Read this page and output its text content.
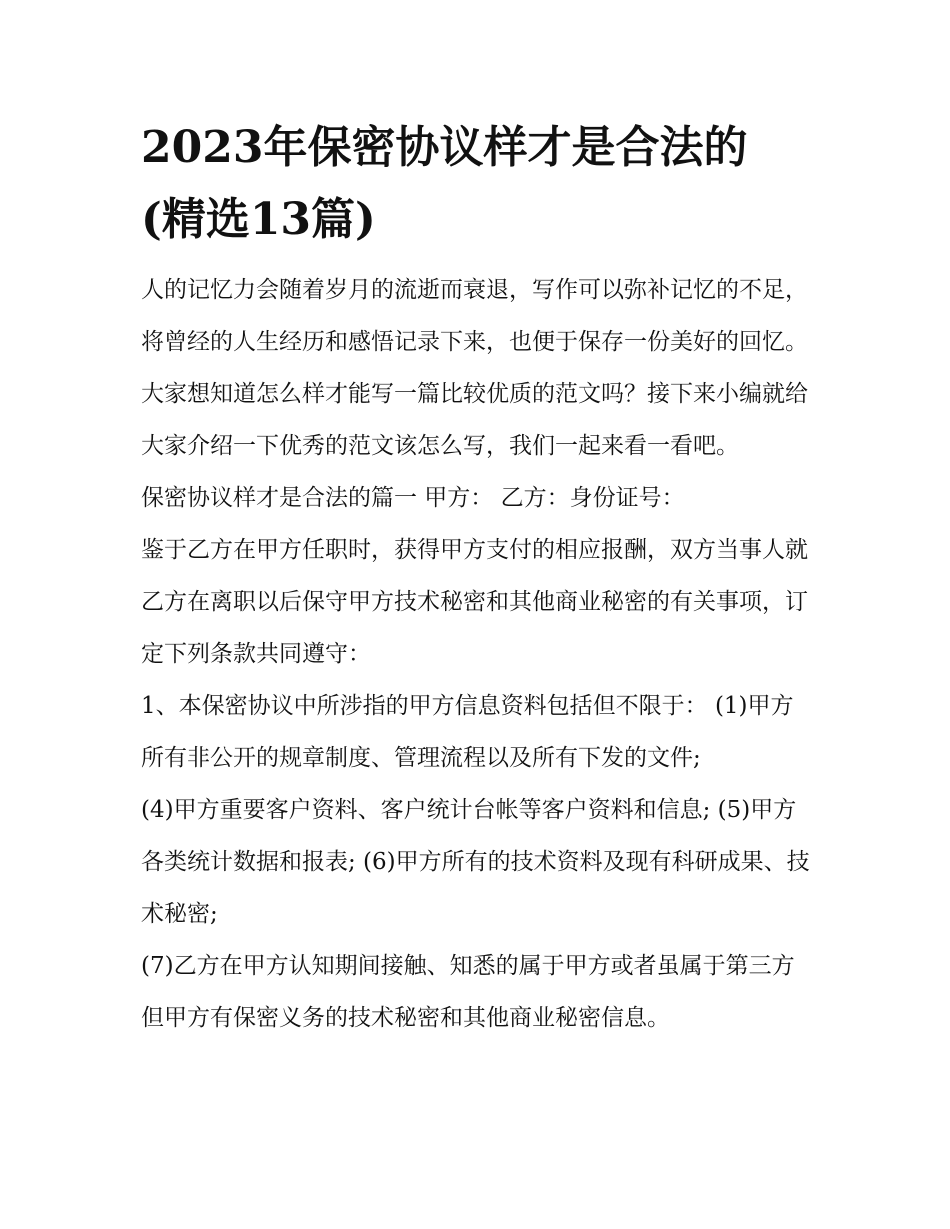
2023年保密协议样才是合法的
(精选13篇)

人的记忆力会随着岁月的流逝而衰退，写作可以弥补记忆的不足，将曾经的人生经历和感悟记录下来，也便于保存一份美好的回忆。大家想知道怎么样才能写一篇比较优质的范文吗？接下来小编就给大家介绍一下优秀的范文该怎么写，我们一起来看一看吧。

保密协议样才是合法的篇一 甲方： 乙方：身份证号：

鉴于乙方在甲方任职时，获得甲方支付的相应报酬，双方当事人就乙方在离职以后保守甲方技术秘密和其他商业秘密的有关事项，订定下列条款共同遵守：

1、本保密协议中所涉指的甲方信息资料包括但不限于： (1)甲方所有非公开的规章制度、管理流程以及所有下发的文件;

(4)甲方重要客户资料、客户统计台帐等客户资料和信息; (5)甲方各类统计数据和报表; (6)甲方所有的技术资料及现有科研成果、技术秘密;

(7)乙方在甲方认知期间接触、知悉的属于甲方或者虽属于第三方但甲方有保密义务的技术秘密和其他商业秘密信息。
